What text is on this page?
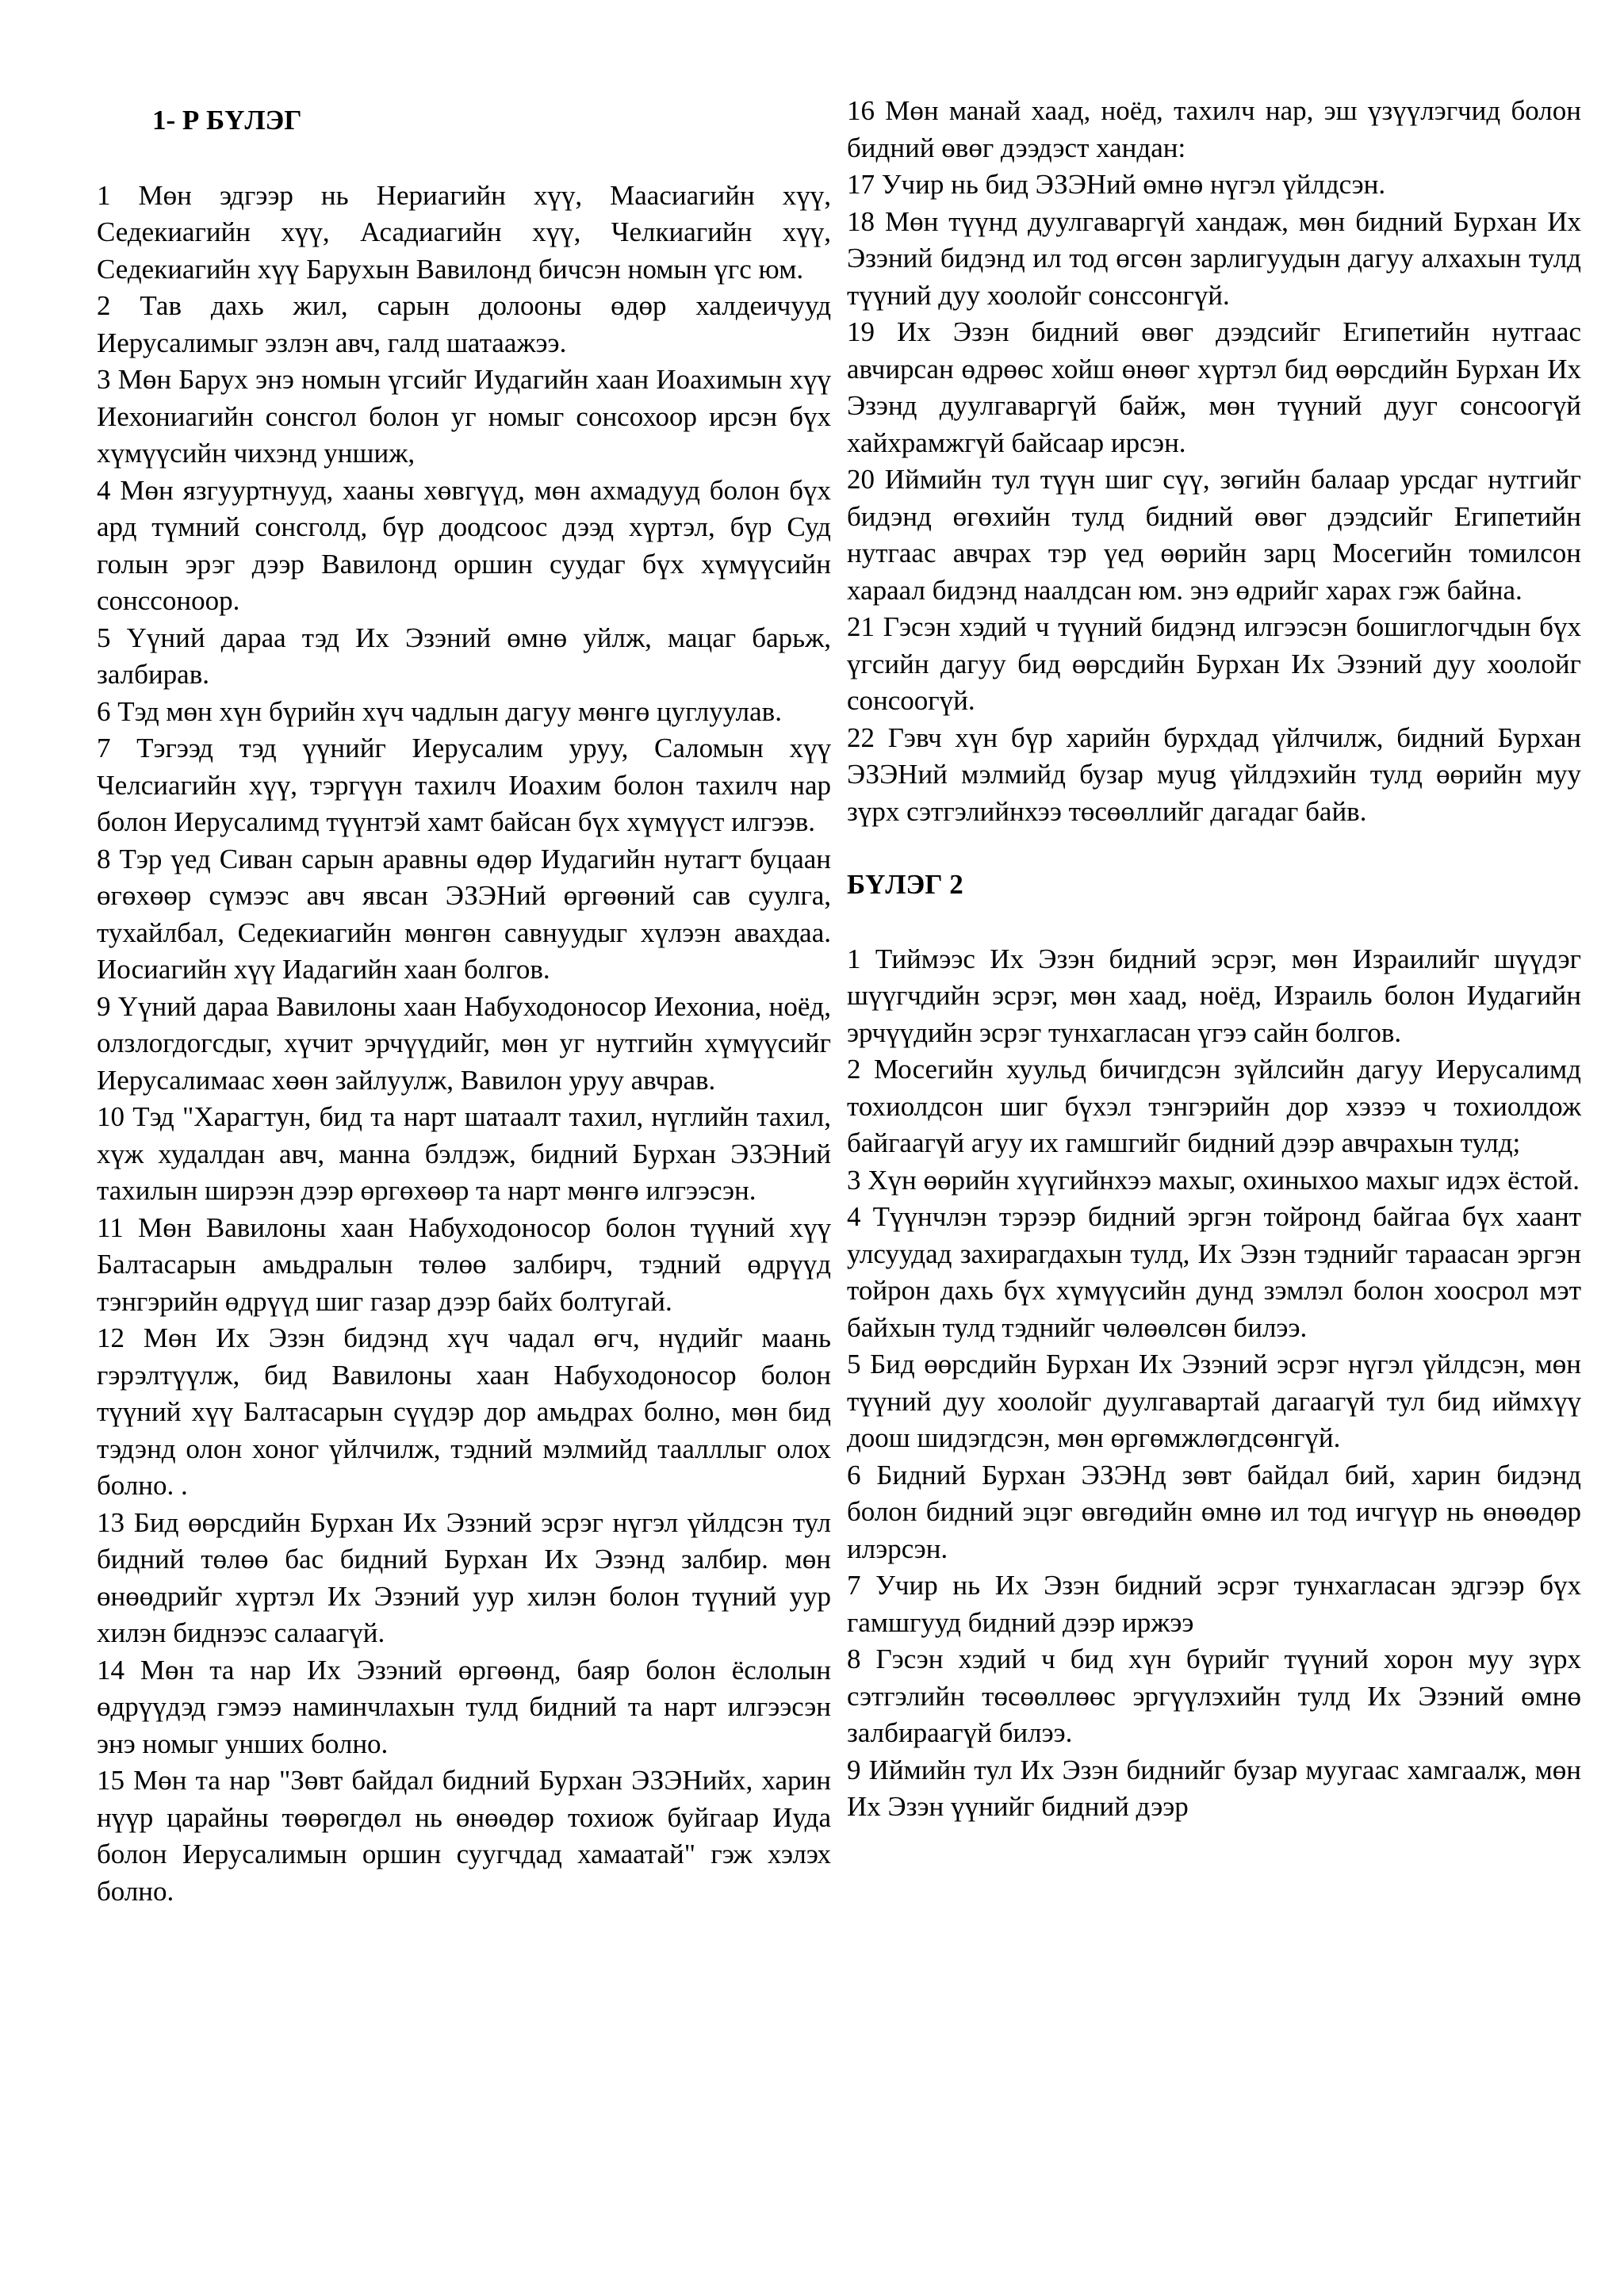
1- Р БҮЛЭГ

1 Мөн эдгээр нь Нериагийн хүү, Маасиагийн хүү, Седекиагийн хүү, Асадиагийн хүү, Челкиагийн хүү, Седекиагийн хүү Барухын Вавилонд бичсэн номын үгс юм.

2 Тав дахь жил, сарын долооны өдөр халдеичууд Иерусалимыг эзлэн авч, галд шатаажээ.

3 Мөн Барух энэ номын үгсийг Иудагийн хаан Иоахимын хүү Иехониагийн сонсгол болон уг номыг сонсохоор ирсэн бүх хүмүүсийн чихэнд уншиж,

4 Мөн язгууртнууд, хааны хөвгүүд, мөн ахмадууд болон бүх ард түмний сонсголд, бүр доодсоос дээд хүртэл, бүр Суд голын эрэг дээр Вавилонд оршин суудаг бүх хүмүүсийн сонссоноор.

5 Үүний дараа тэд Их Эзэний өмнө уйлж, мацаг барьж, залбирав.

6 Тэд мөн хүн бүрийн хүч чадлын дагуу мөнгө цуглуулав.

7 Тэгээд тэд үүнийг Иерусалим уруу, Саломын хүү Челсиагийн хүү, тэргүүн тахилч Иоахим болон тахилч нар болон Иерусалимд түүнтэй хамт байсан бүх хүмүүст илгээв.

8 Тэр үед Сиван сарын аравны өдөр Иудагийн нутагт буцаан өгөхөөр сүмээс авч явсан ЭЗЭНий өргөөний сав суулга, тухайлбал, Седекиагийн мөнгөн савнуудыг хүлээн авахдаа. Иосиагийн хүү Иадагийн хаан болгов.

9 Үүний дараа Вавилоны хаан Набуходоносор Иехониа, ноёд, олзлогдогсдыг, хүчит эрчүүдийг, мөн уг нутгийн хүмүүсийг Иерусалимаас хөөн зайлуулж, Вавилон уруу авчрав.

10 Тэд "Харагтун, бид та нарт шатаалт тахил, нүглийн тахил, хүж худалдан авч, манна бэлдэж, бидний Бурхан ЭЗЭНий тахилын ширээн дээр өргөхөөр та нарт мөнгө илгээсэн.

11 Мөн Вавилоны хаан Набуходоносор болон түүний хүү Балтасарын амьдралын төлөө залбирч, тэдний өдрүүд тэнгэрийн өдрүүд шиг газар дээр байх болтугай.

12 Мөн Их Эзэн бидэнд хүч чадал өгч, нүдийг маань гэрэлтүүлж, бид Вавилоны хаан Набуходоносор болон түүний хүү Балтасарын сүүдэр дор амьдрах болно, мөн бид тэдэнд олон хоног үйлчилж, тэдний мэлмийд таалллыг олох болно. .

13 Бид өөрсдийн Бурхан Их Эзэний эсрэг нүгэл үйлдсэн тул бидний төлөө бас бидний Бурхан Их Эзэнд залбир. мөн өнөөдрийг хүртэл Их Эзэний уур хилэн болон түүний уур хилэн биднээс салаагүй.

14 Мөн та нар Их Эзэний өргөөнд, баяр болон ёслолын өдрүүдэд гэмээ наминчлахын тулд бидний та нарт илгээсэн энэ номыг унших болно.

15 Мөн та нар "Зөвт байдал бидний Бурхан ЭЗЭНийх, харин нүүр царайны төөрөгдөл нь өнөөдөр тохиож буйгаар Иуда болон Иерусалимын оршин суугчдад хамаатай" гэж хэлэх болно.

16 Мөн манай хаад, ноёд, тахилч нар, эш үзүүлэгчид болон бидний өвөг дээдэст хандан:

17 Учир нь бид ЭЗЭНий өмнө нүгэл үйлдсэн.

18 Мөн түүнд дуулгаваргүй хандаж, мөн бидний Бурхан Их Эзэний бидэнд ил тод өгсөн зарлигуудын дагуу алхахын тулд түүний дуу хоолойг сонссонгүй.

19 Их Эзэн бидний өвөг дээдсийг Египетийн нутгаас авчирсан өдрөөс хойш өнөөг хүртэл бид өөрсдийн Бурхан Их Эзэнд дуулгаваргүй байж, мөн түүний дууг сонсоогүй хайхрамжгүй байсаар ирсэн.

20 Иймийн тул түүн шиг сүү, зөгийн балаар урсдаг нутгийг бидэнд өгөхийн тулд бидний өвөг дээдсийг Египетийн нутгаас авчрах тэр үед өөрийн зарц Мосегийн томилсон хараал бидэнд наалдсан юм. энэ өдрийг харах гэж байна.

21 Гэсэн хэдий ч түүний бидэнд илгээсэн бошиглогчдын бүх үгсийн дагуу бид өөрсдийн Бурхан Их Эзэний дуу хоолойг сонсоогүй.

22 Гэвч хүн бүр харийн бурхдад үйлчилж, бидний Бурхан ЭЗЭНий мэлмийд бузар муug үйлдэхийн тулд өөрийн муу зүрх сэтгэлийнхээ төсөөллийг дагадаг байв.

БҮЛЭГ 2

1 Тиймээс Их Эзэн бидний эсрэг, мөн Израилийг шүүдэг шүүгчдийн эсрэг, мөн хаад, ноёд, Израиль болон Иудагийн эрчүүдийн эсрэг тунхагласан үгээ сайн болгов.

2 Мосегийн хуульд бичигдсэн зүйлсийн дагуу Иерусалимд тохиолдсон шиг бүхэл тэнгэрийн дор хэзээ ч тохиолдож байгаагүй агуу их гамшгийг бидний дээр авчрахын тулд;

3 Хүн өөрийн хүүгийнхээ махыг, охиныхоо махыг идэх ёстой.

4 Түүнчлэн тэрээр бидний эргэн тойронд байгаа бүх хаант улсуудад захирагдахын тулд, Их Эзэн тэднийг тараасан эргэн тойрон дахь бүх хүмүүсийн дунд зэмлэл болон хоосрол мэт байхын тулд тэднийг чөлөөлсөн билээ.

5 Бид өөрсдийн Бурхан Их Эзэний эсрэг нүгэл үйлдсэн, мөн түүний дуу хоолойг дуулгавартай дагаагүй тул бид иймхүү доош шидэгдсэн, мөн өргөмжлөгдсөнгүй.

6 Бидний Бурхан ЭЗЭНд зөвт байдал бий, харин бидэнд болон бидний эцэг өвгөдийн өмнө ил тод ичгүүр нь өнөөдөр илэрсэн.

7 Учир нь Их Эзэн бидний эсрэг тунхагласан эдгээр бүх гамшгууд бидний дээр иржээ

8 Гэсэн хэдий ч бид хүн бүрийг түүний хорон муу зүрх сэтгэлийн төсөөллөөс эргүүлэхийн тулд Их Эзэний өмнө залбираагүй билээ.

9 Иймийн тул Их Эзэн биднийг бузар муугаас хамгаалж, мөн Их Эзэн үүнийг бидний дээр
